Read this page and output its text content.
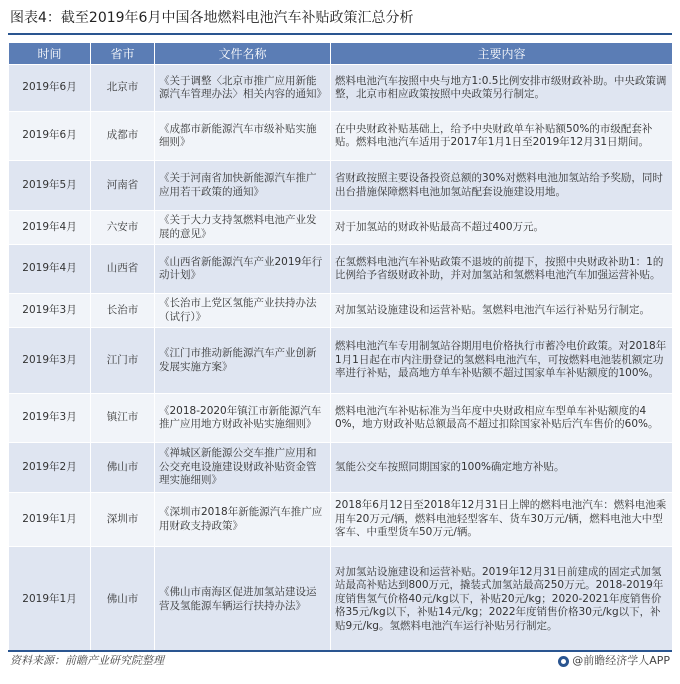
图表4：截至2019年6月中国各地燃料电池汽车补贴政策汇总分析
时间	省市	文件名称	主要内容
2019年6月	北京市	《关于调整〈北京市推广应用新能源汽车管理办法〉相关内容的通知》	燃料电池汽车按照中央与地方1:0.5比例安排市级财政补助。中央政策调整，北京市相应政策按照中央政策另行制定。
2019年6月	成都市	《成都市新能源汽车市级补贴实施细则》	在中央财政补贴基础上，给予中央财政单车补贴额50%的市级配套补贴。燃料电池汽车适用于2017年1月1日至2019年12月31日期间。
2019年5月	河南省	《关于河南省加快新能源汽车推广应用若干政策的通知》	省财政按照主要设备投资总额的30%对燃料电池加氢站给予奖励，同时出台措施保障燃料电池加氢站配套设施建设用地。
2019年4月	六安市	《关于大力支持氢燃料电池产业发展的意见》	对于加氢站的财政补贴最高不超过400万元。
2019年4月	山西省	《山西省新能源汽车产业2019年行动计划》	在氢燃料电池汽车补贴政策不退坡的前提下，按照中央财政补助1：1的比例给予省级财政补助，并对加氢站和氢燃料电池汽车加强运营补贴。
2019年3月	长治市	《长治市上党区氢能产业扶持办法（试行）》	对加氢站设施建设和运营补贴。氢燃料电池汽车运行补贴另行制定。
2019年3月	江门市	《江门市推动新能源汽车产业创新发展实施方案》	燃料电池汽车专用制氢站谷期用电价格执行市蓄冷电价政策。对2018年1月1日起在市内注册登记的氢燃料电池汽车，可按燃料电池装机额定功率进行补贴，最高地方单车补贴额不超过国家单车补贴额度的100%。
2019年3月	镇江市	《2018-2020年镇江市新能源汽车推广应用地方财政补贴实施细则》	燃料电池汽车补贴标准为当年度中央财政相应车型单车补贴额度的40%，地方财政补贴总额最高不超过扣除国家补贴后汽车售价的60%。
2019年2月	佛山市	《禅城区新能源公交车推广应用和公交充电设施建设财政补贴资金管理实施细则》	氢能公交车按照同期国家的100%确定地方补贴。
2019年1月	深圳市	《深圳市2018年新能源汽车推广应用财政支持政策》	2018年6月12日至2018年12月31日上牌的燃料电池汽车：燃料电池乘用车20万元/辆，燃料电池轻型客车、货车30万元/辆，燃料电池大中型客车、中重型货车50万元/辆。
2019年1月	佛山市	《佛山市南海区促进加氢站建设运营及氢能源车辆运行扶持办法》	对加氢站设施建设和运营补贴。2019年12月31日前建成的固定式加氢站最高补贴达到800万元，撬装式加氢站最高250万元。2018-2019年度销售氢气价格40元/kg以下，补贴20元/kg；2020-2021年度销售价格35元/kg以下，补贴14元/kg；2022年度销售价格30元/kg以下，补贴9元/kg。氢燃料电池汽车运行补贴另行制定。
资料来源：前瞻产业研究院整理	@前瞻经济学人APP
